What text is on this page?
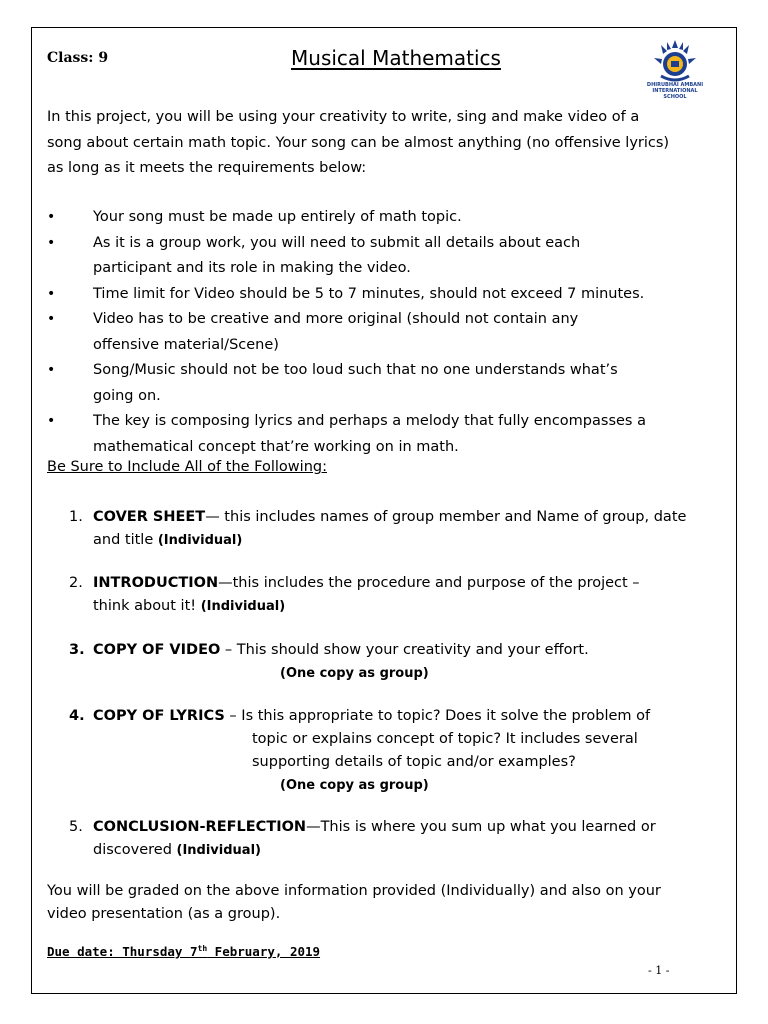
Class: 9	Musical Mathematics
DHIRUBHAI AMBANI INTERNATIONAL SCHOOL
In this project, you will be using your creativity to write, sing and make video of a
song about certain math topic. Your song can be almost anything (no offensive lyrics)
as long as it meets the requirements below:
•	Your song must be made up entirely of math topic.
•	As it is a group work, you will need to submit all details about each
participant and its role in making the video.
•	Time limit for Video should be 5 to 7 minutes, should not exceed 7 minutes.
•	Video has to be creative and more original (should not contain any
offensive material/Scene)
•	Song/Music should not be too loud such that no one understands what’s
going on.
•	The key is composing lyrics and perhaps a melody that fully encompasses a
mathematical concept that’re working on in math.
Be Sure to Include All of the Following:
1. COVER SHEET— this includes names of group member and Name of group, date
and title (Individual)
2. INTRODUCTION—this includes the procedure and purpose of the project –
think about it! (Individual)
3. COPY OF VIDEO – This should show your creativity and your effort.
(One copy as group)
4. COPY OF LYRICS – Is this appropriate to topic? Does it solve the problem of
topic or explains concept of topic? It includes several
supporting details of topic and/or examples?
(One copy as group)
5. CONCLUSION-REFLECTION—This is where you sum up what you learned or
discovered (Individual)
You will be graded on the above information provided (Individually) and also on your
video presentation (as a group).
Due date: Thursday 7th February, 2019
- 1 -
